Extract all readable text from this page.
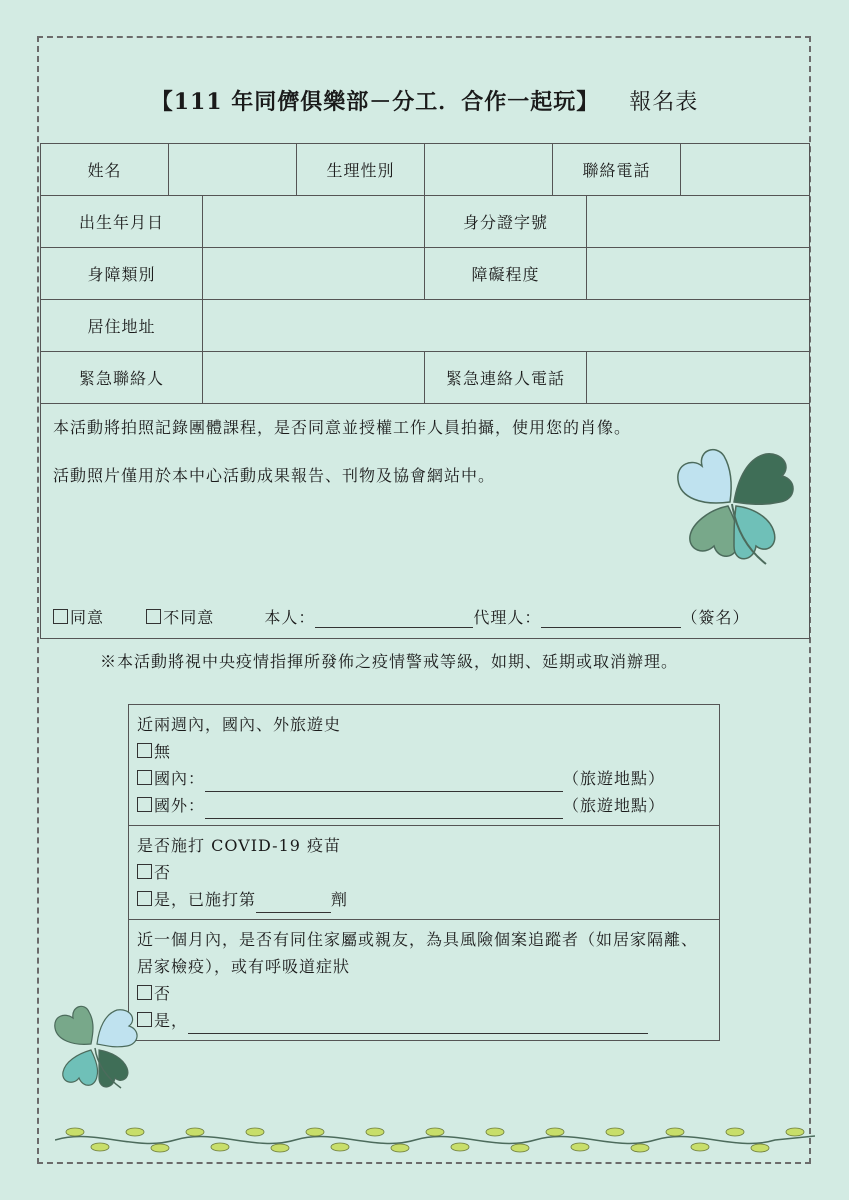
【111 年同儕俱樂部－分工．合作一起玩】 報名表
姓名			生理性別		聯絡電話		
出生年月日				身分證字號			
身障類別				障礙程度			
居住地址							
緊急聯絡人				緊急連絡人電話			

本活動將拍照記錄團體課程，是否同意並授權工作人員拍攝，使用您的肖像。

活動照片僅用於本中心活動成果報告、刊物及協會網站中。

同意 不同意 本人： 代理人： （簽名）							
※本活動將視中央疫情指揮所發佈之疫情警戒等級，如期、延期或取消辦理。
近兩週內，國內、外旅遊史
無
國內：	（旅遊地點）
國外：	（旅遊地點）

是否施打 COVID-19 疫苗
否
是，已施打第	劑

近一個月內，是否有同住家屬或親友，為具風險個案追蹤者（如居家隔離、居家檢疫），或有呼吸道症狀
否
是，
